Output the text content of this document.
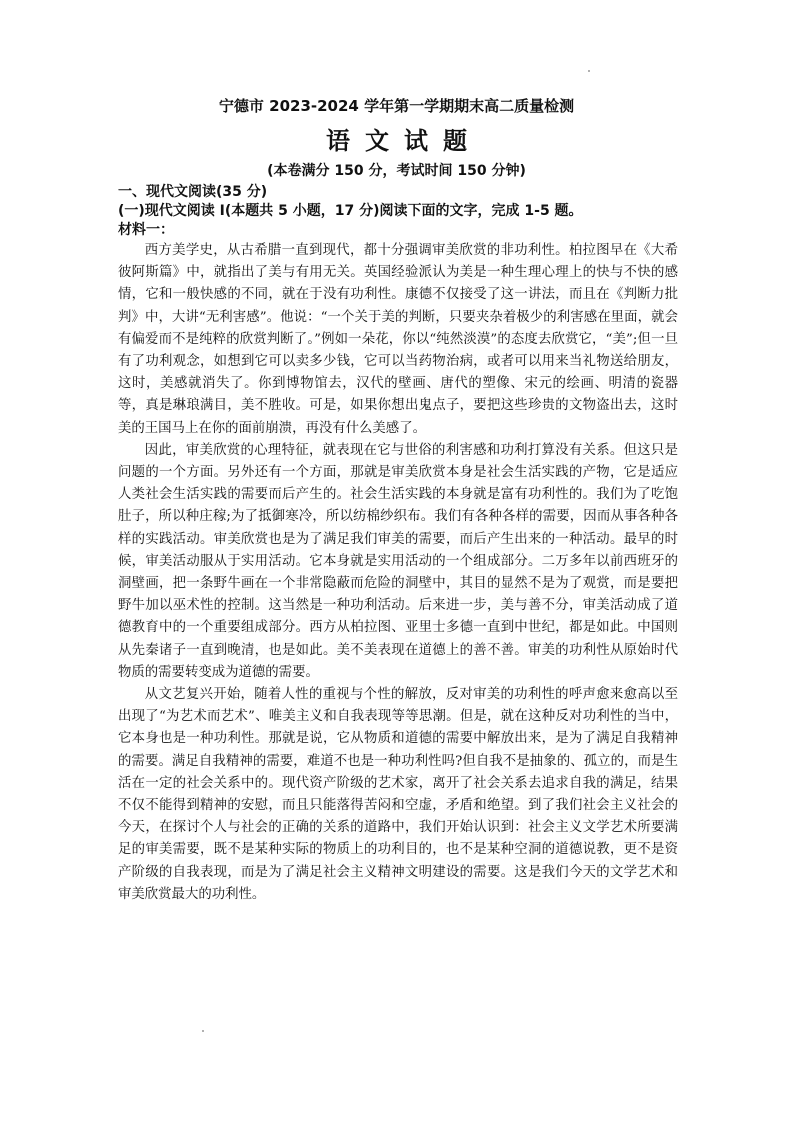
宁德市 2023-2024 学年第一学期期末高二质量检测
语文试题
(本卷满分 150 分，考试时间 150 分钟)
一、现代文阅读(35 分)
(一)现代文阅读 I(本题共 5 小题，17 分)阅读下面的文字，完成 1-5 题。
材料一：

西方美学史，从古希腊一直到现代，都十分强调审美欣赏的非功利性。柏拉图早在《大希彼阿斯篇》中，就指出了美与有用无关。英国经验派认为美是一种生理心理上的快与不快的感情，它和一般快感的不同，就在于没有功利性。康德不仅接受了这一讲法，而且在《判断力批判》中，大讲“无利害感”。他说：“一个关于美的判断，只要夹杂着极少的利害感在里面，就会有偏爱而不是纯粹的欣赏判断了。”例如一朵花，你以“纯然淡漠”的态度去欣赏它，“美”;但一旦有了功利观念，如想到它可以卖多少钱，它可以当药物治病，或者可以用来当礼物送给朋友，这时，美感就消失了。你到博物馆去，汉代的壁画、唐代的塑像、宋元的绘画、明清的瓷器等，真是琳琅满目，美不胜收。可是，如果你想出鬼点子，要把这些珍贵的文物盗出去，这时美的王国马上在你的面前崩溃，再没有什么美感了。

因此，审美欣赏的心理特征，就表现在它与世俗的利害感和功利打算没有关系。但这只是问题的一个方面。另外还有一个方面，那就是审美欣赏本身是社会生活实践的产物，它是适应人类社会生活实践的需要而后产生的。社会生活实践的本身就是富有功利性的。我们为了吃饱肚子，所以种庄稼;为了抵御寒冷，所以纺棉纱织布。我们有各种各样的需要，因而从事各种各样的实践活动。审美欣赏也是为了满足我们审美的需要，而后产生出来的一种活动。最早的时候，审美活动服从于实用活动。它本身就是实用活动的一个组成部分。二万多年以前西班牙的洞壁画，把一条野牛画在一个非常隐蔽而危险的洞壁中，其目的显然不是为了观赏，而是要把野牛加以巫术性的控制。这当然是一种功利活动。后来进一步，美与善不分，审美活动成了道德教育中的一个重要组成部分。西方从柏拉图、亚里士多德一直到中世纪，都是如此。中国则从先秦诸子一直到晚清，也是如此。美不美表现在道德上的善不善。审美的功利性从原始时代物质的需要转变成为道德的需要。

从文艺复兴开始，随着人性的重视与个性的解放，反对审美的功利性的呼声愈来愈高以至出现了“为艺术而艺术”、唯美主义和自我表现等等思潮。但是，就在这种反对功利性的当中，它本身也是一种功利性。那就是说，它从物质和道德的需要中解放出来，是为了满足自我精神的需要。满足自我精神的需要，难道不也是一种功利性吗?但自我不是抽象的、孤立的，而是生活在一定的社会关系中的。现代资产阶级的艺术家，离开了社会关系去追求自我的满足，结果不仅不能得到精神的安慰，而且只能落得苦闷和空虚，矛盾和绝望。到了我们社会主义社会的今天，在探讨个人与社会的正确的关系的道路中，我们开始认识到：社会主义文学艺术所要满足的审美需要，既不是某种实际的物质上的功利目的，也不是某种空洞的道德说教，更不是资产阶级的自我表现，而是为了满足社会主义精神文明建设的需要。这是我们今天的文学艺术和审美欣赏最大的功利性。
